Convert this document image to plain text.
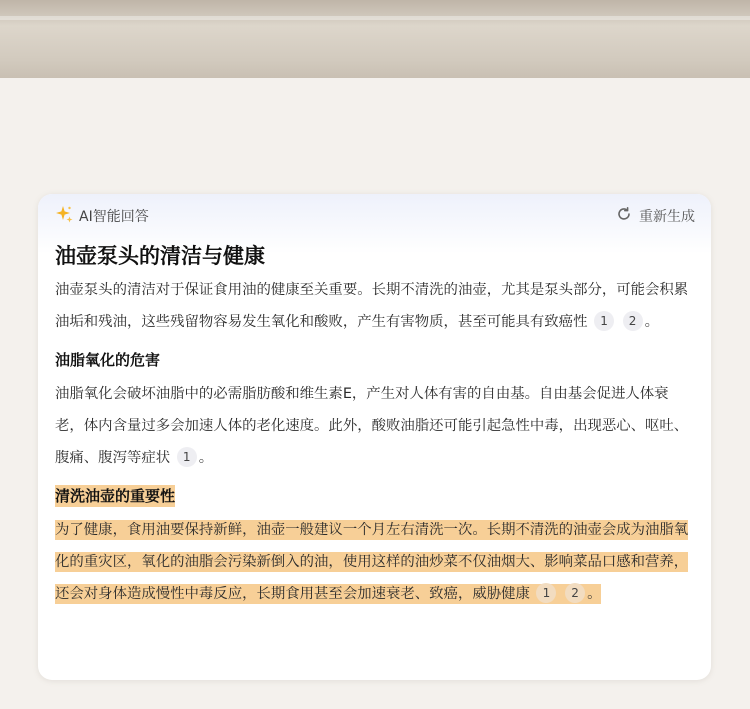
AI智能回答	重新生成
油壶泵头的清洁与健康

油壶泵头的清洁对于保证食用油的健康至关重要。长期不清洗的油壶，尤其是泵头部分，可能会积累油垢和残油，这些残留物容易发生氧化和酸败，产生有害物质，甚至可能具有致癌性 1 2 。

油脂氧化的危害

油脂氧化会破坏油脂中的必需脂肪酸和维生素E，产生对人体有害的自由基。自由基会促进人体衰老，体内含量过多会加速人体的老化速度。此外，酸败油脂还可能引起急性中毒，出现恶心、呕吐、腹痛、腹泻等症状 1 。

清洗油壶的重要性

为了健康，食用油要保持新鲜，油壶一般建议一个月左右清洗一次。长期不清洗的油壶会成为油脂氧化的重灾区，氧化的油脂会污染新倒入的油，使用这样的油炒菜不仅油烟大、影响菜品口感和营养，还会对身体造成慢性中毒反应，长期食用甚至会加速衰老、致癌，威胁健康 1 2 。
